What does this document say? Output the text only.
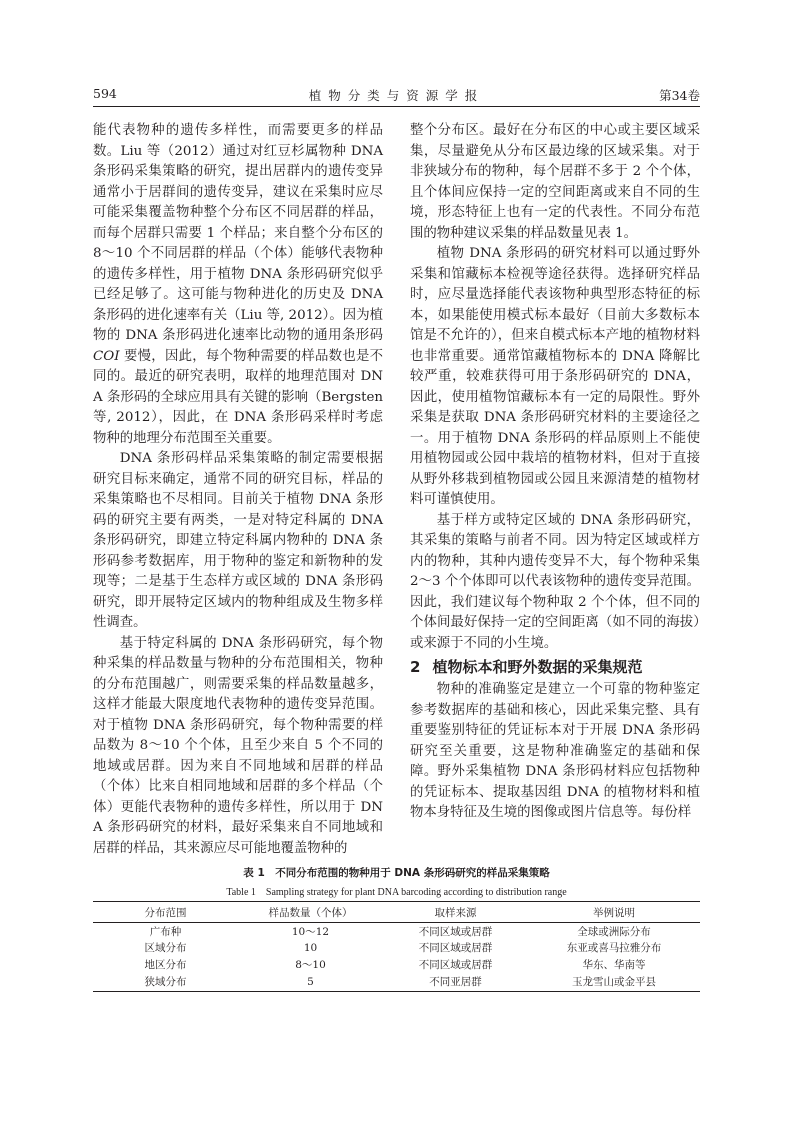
594	植物分类与资源学报	第34卷

能代表物种的遗传多样性，而需要更多的样品数。Liu 等（2012）通过对红豆杉属物种 DNA 条形码采集策略的研究，提出居群内的遗传变异通常小于居群间的遗传变异，建议在采集时应尽可能采集覆盖物种整个分布区不同居群的样品，而每个居群只需要 1 个样品；来自整个分布区的 8～10 个不同居群的样品（个体）能够代表物种的遗传多样性，用于植物 DNA 条形码研究似乎已经足够了。这可能与物种进化的历史及 DNA 条形码的进化速率有关（Liu 等, 2012）。因为植物的 DNA 条形码进化速率比动物的通用条形码 COI 要慢，因此，每个物种需要的样品数也是不同的。最近的研究表明，取样的地理范围对 DNA 条形码的全球应用具有关键的影响（Bergsten 等, 2012），因此，在 DNA 条形码采样时考虑物种的地理分布范围至关重要。

DNA 条形码样品采集策略的制定需要根据研究目标来确定，通常不同的研究目标，样品的采集策略也不尽相同。目前关于植物 DNA 条形码的研究主要有两类，一是对特定科属的 DNA 条形码研究，即建立特定科属内物种的 DNA 条形码参考数据库，用于物种的鉴定和新物种的发现等；二是基于生态样方或区域的 DNA 条形码研究，即开展特定区域内的物种组成及生物多样性调查。

基于特定科属的 DNA 条形码研究，每个物种采集的样品数量与物种的分布范围相关，物种的分布范围越广，则需要采集的样品数量越多，这样才能最大限度地代表物种的遗传变异范围。对于植物 DNA 条形码研究，每个物种需要的样品数为 8～10 个个体，且至少来自 5 个不同的地域或居群。因为来自不同地域和居群的样品（个体）比来自相同地域和居群的多个样品（个体）更能代表物种的遗传多样性，所以用于 DNA 条形码研究的材料，最好采集来自不同地域和居群的样品，其来源应尽可能地覆盖物种的

整个分布区。最好在分布区的中心或主要区域采集，尽量避免从分布区最边缘的区域采集。对于非狭域分布的物种，每个居群不多于 2 个个体，且个体间应保持一定的空间距离或来自不同的生境，形态特征上也有一定的代表性。不同分布范围的物种建议采集的样品数量见表 1。

植物 DNA 条形码的研究材料可以通过野外采集和馆藏标本检视等途径获得。选择研究样品时，应尽量选择能代表该物种典型形态特征的标本，如果能使用模式标本最好（目前大多数标本馆是不允许的），但来自模式标本产地的植物材料也非常重要。通常馆藏植物标本的 DNA 降解比较严重，较难获得可用于条形码研究的 DNA，因此，使用植物馆藏标本有一定的局限性。野外采集是获取 DNA 条形码研究材料的主要途径之一。用于植物 DNA 条形码的样品原则上不能使用植物园或公园中栽培的植物材料，但对于直接从野外移栽到植物园或公园且来源清楚的植物材料可谨慎使用。

基于样方或特定区域的 DNA 条形码研究，其采集的策略与前者不同。因为特定区域或样方内的物种，其种内遗传变异不大，每个物种采集 2～3 个个体即可以代表该物种的遗传变异范围。因此，我们建议每个物种取 2 个个体，但不同的个体间最好保持一定的空间距离（如不同的海拔）或来源于不同的小生境。

2 植物标本和野外数据的采集规范

物种的准确鉴定是建立一个可靠的物种鉴定参考数据库的基础和核心，因此采集完整、具有重要鉴别特征的凭证标本对于开展 DNA 条形码研究至关重要，这是物种准确鉴定的基础和保障。野外采集植物 DNA 条形码材料应包括物种的凭证标本、提取基因组 DNA 的植物材料和植物本身特征及生境的图像或图片信息等。每份样

表 1　不同分布范围的物种用于 DNA 条形码研究的样品采集策略
Table 1　Sampling strategy for plant DNA barcoding according to distribution range
分布范围	样品数量（个体）	取样来源	举例说明
广布种	10～12	不同区域或居群	全球或洲际分布
区域分布	10	不同区域或居群	东亚或喜马拉雅分布
地区分布	8～10	不同区域或居群	华东、华南等
狭域分布	5	不同亚居群	玉龙雪山或金平县
